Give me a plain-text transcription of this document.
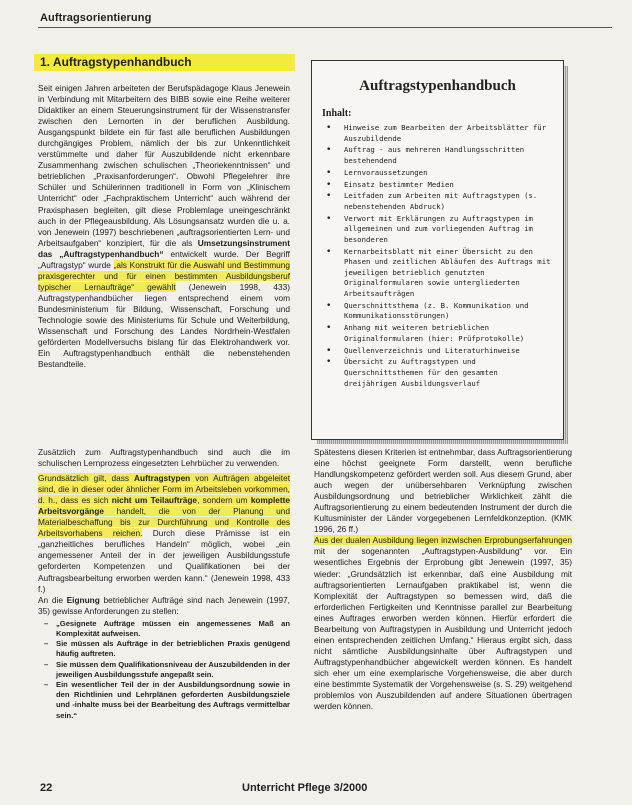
Auftragsorientierung
1. Auftragstypenhandbuch

Seit einigen Jahren arbeiteten der Berufspädagoge Klaus Jenewein in Verbindung mit Mitarbeitern des BIBB sowie eine Reihe weiterer Didaktiker an einem Steuerungsinstrument für der Wissenstransfer zwischen den Lernorten in der beruflichen Ausbildung. Ausgangspunkt bildete ein für fast alle beruflichen Ausbildungen durchgängiges Problem, nämlich der bis zur Unkenntlichkeit verstümmelte und daher für Auszubildende nicht erkennbare Zusammenhang zwischen schulischen „Theoriekenntnissen“ und betrieblichen „Praxisanforderungen“. Obwohl Pflegelehrer ihre Schüler und Schülerinnen traditionell in Form von „Klinischem Unterricht“ oder „Fachpraktischem Unterricht“ auch während der Praxisphasen begleiten, gilt diese Problemlage uneingeschränkt auch in der Pflegeausbildung. Als Lösungsansatz wurden die u. a. von Jenewein (1997) beschriebenen „auftragsorientierten Lern- und Arbeitsaufgaben“ konzipiert, für die als Umsetzungsinstrument das „Auftragstypenhandbuch“ entwickelt wurde. Der Begriff „Auftragstyp“ wurde „als Konstrukt für die Auswahl und Bestimmung praxisgerechter und für einen bestimmten Ausbildungsberuf typischer Lernaufträge“ gewählt (Jenewein 1998, 433) Auftragstypenhandbücher liegen entsprechend einem vom Bundesministerium für Bildung, Wissenschaft, Forschung und Technologie sowie des Ministeriums für Schule und Weiterbildung, Wissenschaft und Forschung des Landes Nordrhein-Westfalen geförderten Modellversuchs bislang für das Elektrohandwerk vor. Ein Auftragstypenhandbuch enthält die nebenstehenden Bestandteile.

Auftragstypenhandbuch
Inhalt:
• Hinweise zum Bearbeiten der Arbeitsblätter für Auszubildende
• Auftrag - aus mehreren Handlungsschritten bestehendend
• Lernvoraussetzungen
• Einsatz bestimmter Medien
• Leitfaden zum Arbeiten mit Auftragstypen (s. nebenstehenden Abdruck)
• Verwort mit Erklärungen zu Auftragstypen im allgemeinen und zum vorliegenden Auftrag im besonderen
• Kernarbeitsblatt mit einer Übersicht zu den Phasen und zeitlichen Abläufen des Auftrags mit jeweiligen betrieblich genutzten Originalformularen sowie untergliederten Arbeitsaufträgen
• Querschnittsthema (z. B. Kommunikation und Kommunikationsstörungen)
• Anhang mit weiteren betrieblichen Originalformularen (hier: Prüfprotokolle)
• Quellenverzeichnis und Literaturhinweise
• Übersicht zu Auftragstypen und Querschnittsthemen für den gesamten dreijährigen Ausbildungsverlauf

Zusätzlich zum Auftragstypenhandbuch sind auch die im schulischen Lernprozess eingesetzten Lehrbücher zu verwenden.

Grundsätzlich gilt, dass Auftragstypen von Aufträgen abgeleitet sind, die in dieser oder ähnlicher Form im Arbeitsleben vorkommen, d. h., dass es sich nicht um Teilaufträge, sondern um komplette Arbeitsvorgänge handelt, die von der Planung und Materialbeschaffung bis zur Durchführung und Kontrolle des Arbeitsvorhabens reichen. Durch diese Prämisse ist ein „ganzheitliches berufliches Handeln“ möglich, wobei „ein angemessener Anteil der in der jeweiligen Ausbildungsstufe geforderten Kompetenzen und Qualifikationen bei der Auftragsbearbeitung erworben werden kann.“ (Jenewein 1998, 433 f.)

An die Eignung betrieblicher Aufträge sind nach Jenewein (1997, 35) gewisse Anforderungen zu stellen:

– „Gesignete Aufträge müssen ein angemessenes Maß an Komplexität aufweisen.
– Sie müssen als Aufträge in der betrieblichen Praxis genügend häufig auftreten.
– Sie müssen dem Qualifikationsniveau der Auszubildenden in der jeweiligen Ausbildungsstufe angepaßt sein.
– Ein wesentlicher Teil der in der Ausbildungsordnung sowie in den Richtlinien und Lehrplänen geforderten Ausbildungsziele und -inhalte muss bei der Bearbeitung des Auftrags vermittelbar sein.“

Spätestens diesen Kriterien ist entnehmbar, dass Auftragsorientierung eine höchst geeignete Form darstellt, wenn berufliche Handlungskompetenz gefördert werden soll. Aus diesem Grund, aber auch wegen der unübersehbaren Verknüpfung zwischen Ausbildungsordnung und betrieblicher Wirklichkeit zählt die Auftragsorientierung zu einem bedeutenden Instrument der durch die Kultusminister der Länder vorgegebenen Lernfeldkonzeption. (KMK 1996, 26 ff.)

Aus der dualen Ausbildung liegen inzwischen Erprobungserfahrungen mit der sogenannten „Auftragstypen-Ausbildung“ vor. Ein wesentliches Ergebnis der Erprobung gibt Jenewein (1997, 35) wieder: „Grundsätzlich ist erkennbar, daß eine Ausbildung mit auftragsorientierten Lernaufgaben praktikabel ist, wenn die Komplexität der Auftragstypen so bemessen wird, daß die erforderlichen Fertigkeiten und Kenntnisse parallel zur Bearbeitung eines Auftrages erworben werden können. Hierfür erfordert die Bearbeitung von Auftragstypen in Ausbildung und Unterricht jedoch einen entsprechenden zeitlichen Umfang.“ Hieraus ergibt sich, dass nicht sämtliche Ausbildungsinhalte über Auftragstypen und Auftragstypenhandbücher abgewickelt werden können. Es handelt sich eher um eine exemplarische Vorgehensweise, die aber durch eine bestimmte Systematik der Vorgehensweise (s. S. 29) weitgehend problemlos von Auszubildenden auf andere Situationen übertragen werden können.

22	Unterricht Pflege 3/2000
